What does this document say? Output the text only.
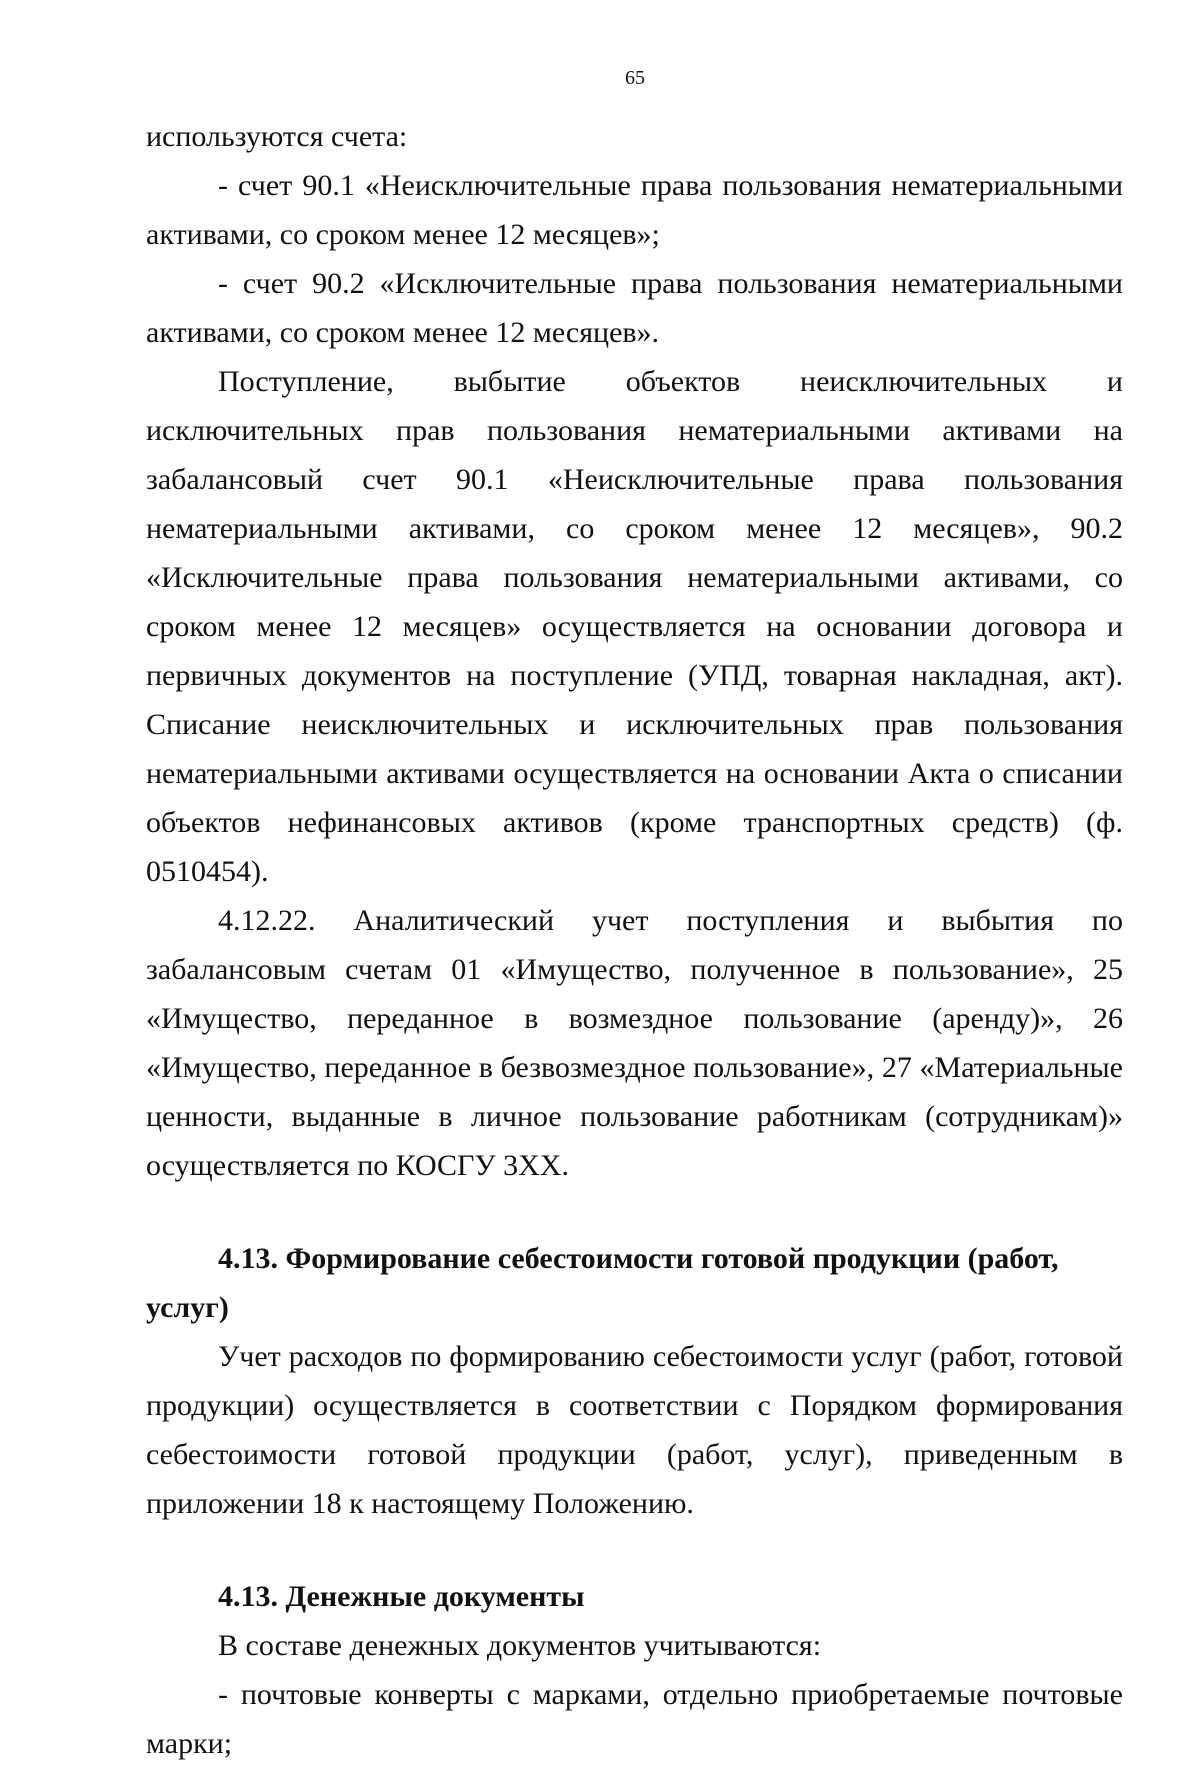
65

используются счета:

- счет 90.1 «Неисключительные права пользования нематериальными активами, со сроком менее 12 месяцев»;

- счет 90.2 «Исключительные права пользования нематериальными активами, со сроком менее 12 месяцев».

Поступление, выбытие объектов неисключительных и исключительных прав пользования нематериальными активами на забалансовый счет 90.1 «Неисключительные права пользования нематериальными активами, со сроком менее 12 месяцев», 90.2 «Исключительные права пользования нематериальными активами, со сроком менее 12 месяцев» осуществляется на основании договора и первичных документов на поступление (УПД, товарная накладная, акт). Списание неисключительных и исключительных прав пользования нематериальными активами осуществляется на основании Акта о списании объектов нефинансовых активов (кроме транспортных средств) (ф. 0510454).

4.12.22. Аналитический учет поступления и выбытия по забалансовым счетам 01 «Имущество, полученное в пользование», 25 «Имущество, переданное в возмездное пользование (аренду)», 26 «Имущество, переданное в безвозмездное пользование», 27 «Материальные ценности, выданные в личное пользование работникам (сотрудникам)» осуществляется по КОСГУ 3ХХ.

4.13. Формирование себестоимости готовой продукции (работ, услуг)

Учет расходов по формированию себестоимости услуг (работ, готовой продукции) осуществляется в соответствии с Порядком формирования себестоимости готовой продукции (работ, услуг), приведенным в приложении 18 к настоящему Положению.

4.13. Денежные документы

В составе денежных документов учитываются:

- почтовые конверты с марками, отдельно приобретаемые почтовые марки;
